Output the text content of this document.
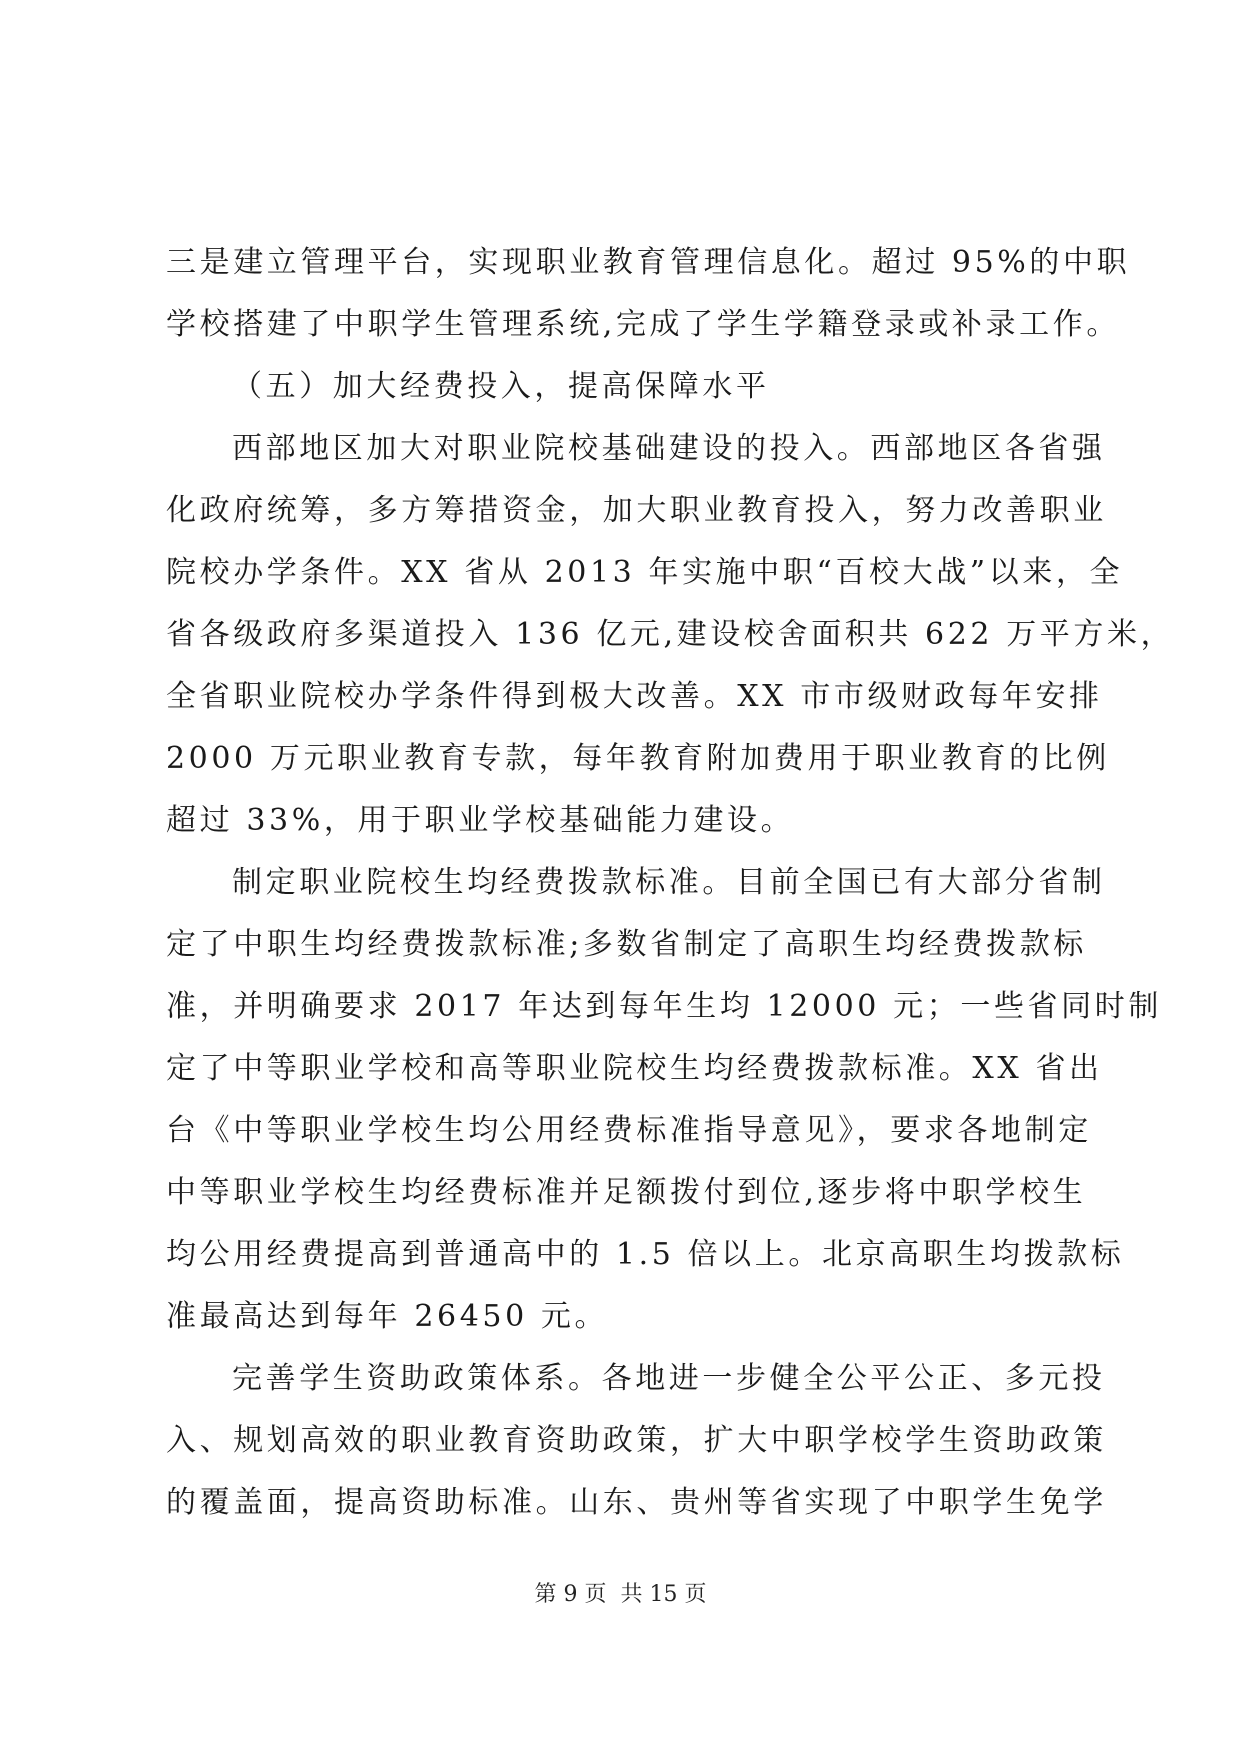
三是建立管理平台，实现职业教育管理信息化。超过 95%的中职
学校搭建了中职学生管理系统,完成了学生学籍登录或补录工作。
（五）加大经费投入，提高保障水平
西部地区加大对职业院校基础建设的投入。西部地区各省强
化政府统筹，多方筹措资金，加大职业教育投入，努力改善职业
院校办学条件。XX 省从 2013 年实施中职“百校大战”以来，全
省各级政府多渠道投入 136 亿元,建设校舍面积共 622 万平方米，
全省职业院校办学条件得到极大改善。XX 市市级财政每年安排
2000 万元职业教育专款，每年教育附加费用于职业教育的比例
超过 33%，用于职业学校基础能力建设。
制定职业院校生均经费拨款标准。目前全国已有大部分省制
定了中职生均经费拨款标准;多数省制定了高职生均经费拨款标
准，并明确要求 2017 年达到每年生均 12000 元；一些省同时制
定了中等职业学校和高等职业院校生均经费拨款标准。XX 省出
台《中等职业学校生均公用经费标准指导意见》，要求各地制定
中等职业学校生均经费标准并足额拨付到位,逐步将中职学校生
均公用经费提高到普通高中的 1.5 倍以上。北京高职生均拨款标
准最高达到每年 26450 元。
完善学生资助政策体系。各地进一步健全公平公正、多元投
入、规划高效的职业教育资助政策，扩大中职学校学生资助政策
的覆盖面，提高资助标准。山东、贵州等省实现了中职学生免学
第 9 页 共 15 页
